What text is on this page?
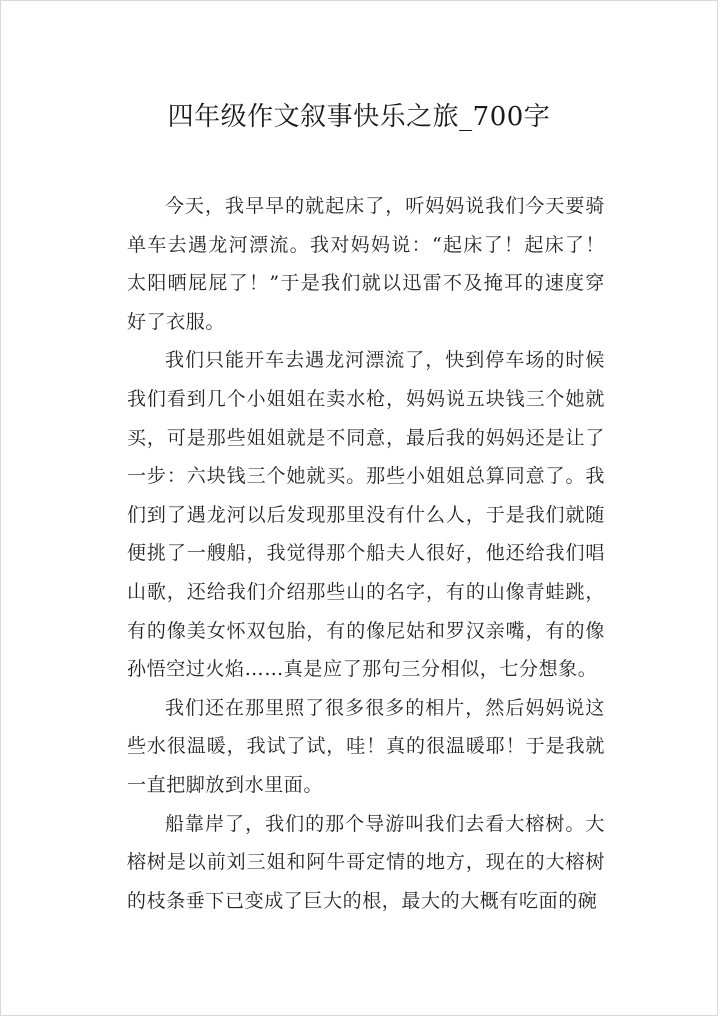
四年级作文叙事快乐之旅_700字

今天，我早早的就起床了，听妈妈说我们今天要骑单车去遇龙河漂流。我对妈妈说：“起床了！起床了！太阳晒屁屁了！”于是我们就以迅雷不及掩耳的速度穿好了衣服。

我们只能开车去遇龙河漂流了，快到停车场的时候我们看到几个小姐姐在卖水枪，妈妈说五块钱三个她就买，可是那些姐姐就是不同意，最后我的妈妈还是让了一步：六块钱三个她就买。那些小姐姐总算同意了。我们到了遇龙河以后发现那里没有什么人，于是我们就随便挑了一艘船，我觉得那个船夫人很好，他还给我们唱山歌，还给我们介绍那些山的名字，有的山像青蛙跳，有的像美女怀双包胎，有的像尼姑和罗汉亲嘴，有的像孙悟空过火焰……真是应了那句三分相似，七分想象。

我们还在那里照了很多很多的相片，然后妈妈说这些水很温暖，我试了试，哇！真的很温暖耶！于是我就一直把脚放到水里面。

船靠岸了，我们的那个导游叫我们去看大榕树。大榕树是以前刘三姐和阿牛哥定情的地方，现在的大榕树的枝条垂下已变成了巨大的根，最大的大概有吃面的碗
